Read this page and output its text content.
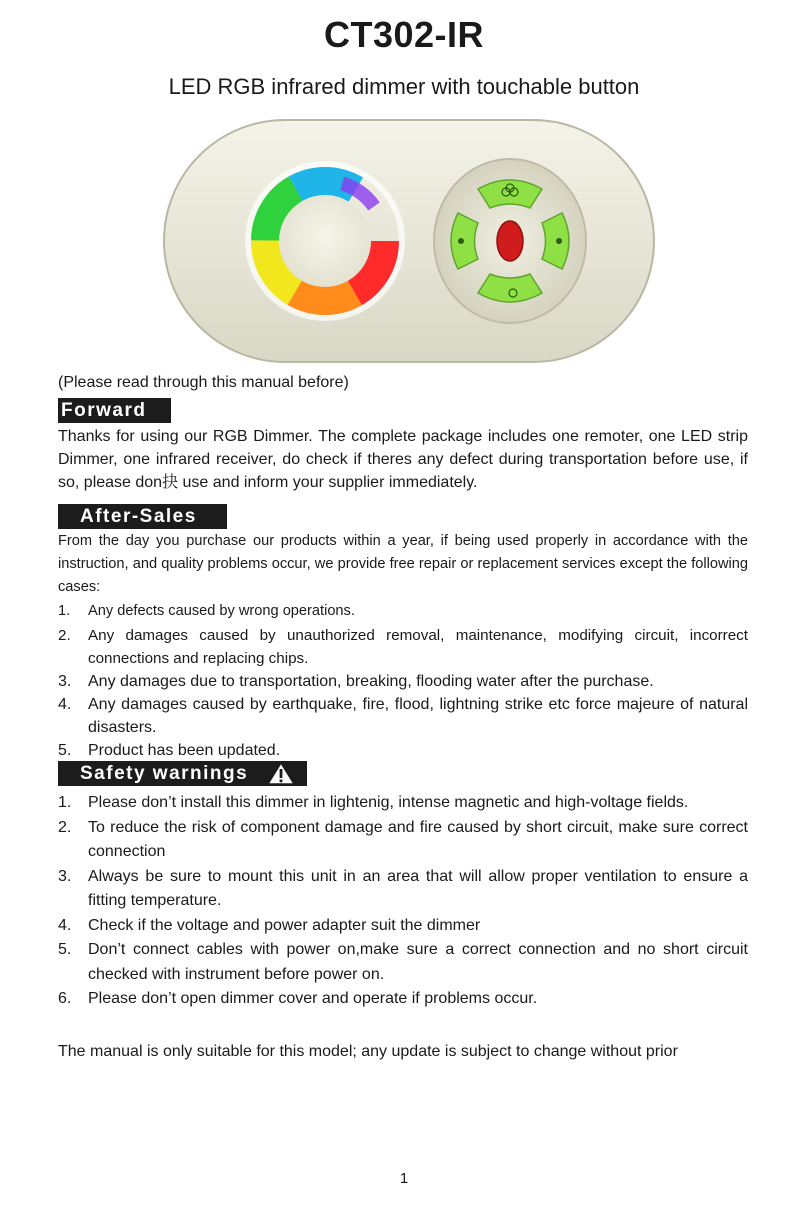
CT302-IR
LED RGB infrared dimmer with touchable button
(Please read through this manual before)
Forward

Thanks for using our RGB Dimmer. The complete package includes one remoter, one LED strip Dimmer, one infrared receiver, do check if theres any defect during transportation before use, if so, please don抉 use and inform your supplier immediately.

After-Sales

From the day you purchase our products within a year, if being used properly in accordance with the instruction, and quality problems occur, we provide free repair or replacement services except the following cases:

1. Any defects caused by wrong operations.
2. Any damages caused by unauthorized removal, maintenance, modifying circuit, incorrect connections and replacing chips.
3. Any damages due to transportation, breaking, flooding water after the purchase.
4. Any damages caused by earthquake, fire, flood, lightning strike etc force majeure of natural disasters.
5. Product has been updated.
Safety warnings
1. Please don’t install this dimmer in lightenig, intense magnetic and high-voltage fields.
2. To reduce the risk of component damage and fire caused by short circuit, make sure correct connection
3. Always be sure to mount this unit in an area that will allow proper ventilation to ensure a fitting temperature.
4. Check if the voltage and power adapter suit the dimmer
5. Don’t connect cables with power on,make sure a correct connection and no short circuit checked with instrument before power on.
6. Please don’t open dimmer cover and operate if problems occur.
The manual is only suitable for this model; any update is subject to change without prior
1
